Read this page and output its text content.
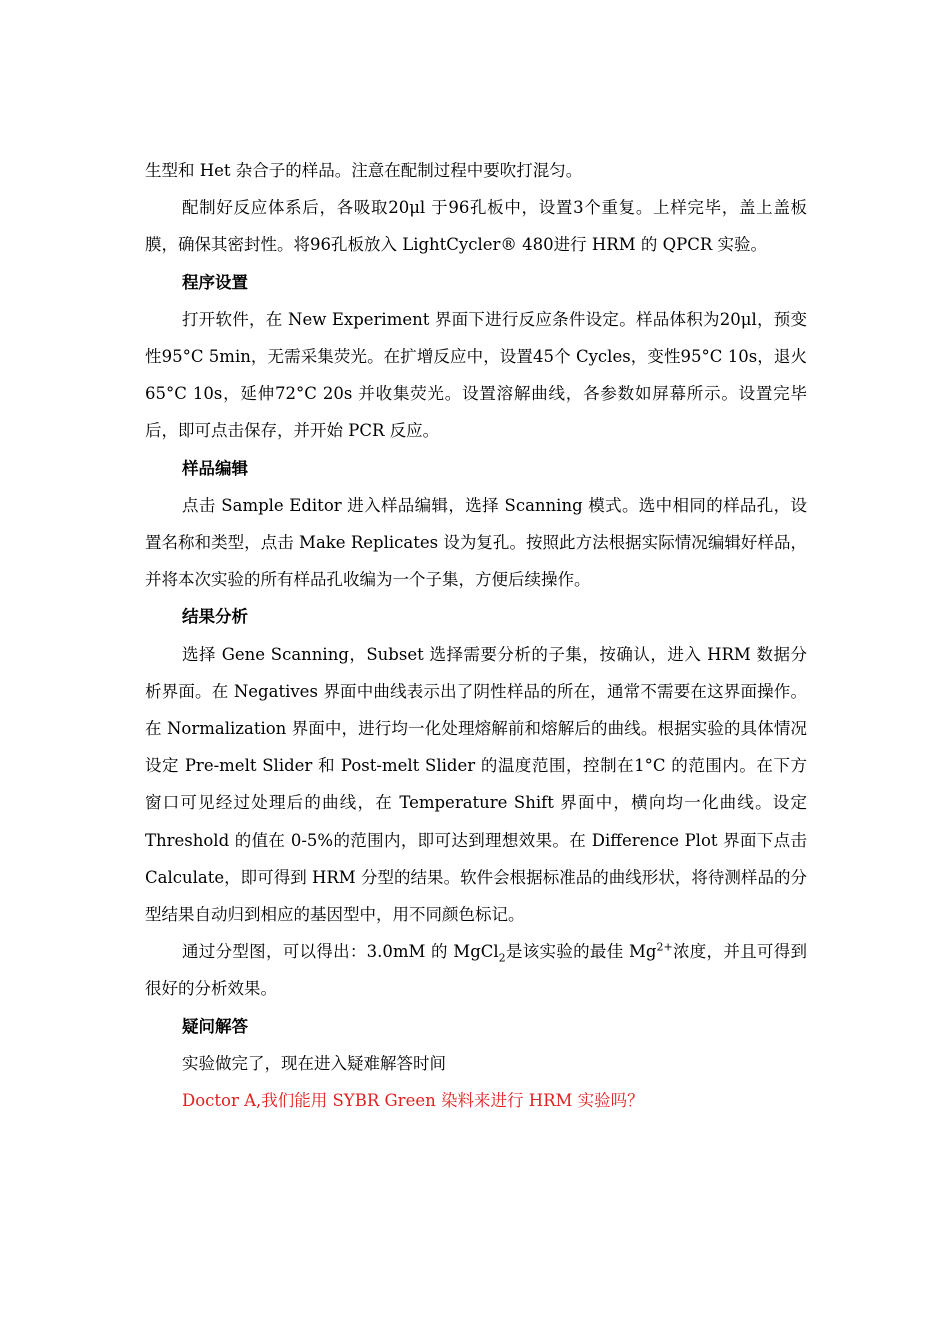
生型和 Het 杂合子的样品。注意在配制过程中要吹打混匀。

配制好反应体系后，各吸取20μl 于96孔板中，设置3个重复。上样完毕，盖上盖板膜，确保其密封性。将96孔板放入 LightCycler® 480进行 HRM 的 QPCR 实验。

程序设置

打开软件，在 New Experiment 界面下进行反应条件设定。样品体积为20μl，预变性95°C 5min，无需采集荧光。在扩增反应中，设置45个 Cycles，变性95°C 10s，退火65°C 10s，延伸72°C 20s 并收集荧光。设置溶解曲线，各参数如屏幕所示。设置完毕后，即可点击保存，并开始 PCR 反应。

样品编辑

点击 Sample Editor 进入样品编辑，选择 Scanning 模式。选中相同的样品孔，设置名称和类型，点击 Make Replicates 设为复孔。按照此方法根据实际情况编辑好样品，并将本次实验的所有样品孔收编为一个子集，方便后续操作。

结果分析

选择 Gene Scanning，Subset 选择需要分析的子集，按确认，进入 HRM 数据分析界面。在 Negatives 界面中曲线表示出了阴性样品的所在，通常不需要在这界面操作。在 Normalization 界面中，进行均一化处理熔解前和熔解后的曲线。根据实验的具体情况设定 Pre-melt Slider 和 Post-melt Slider 的温度范围，控制在1°C 的范围内。在下方窗口可见经过处理后的曲线，在 Temperature Shift 界面中，横向均一化曲线。设定 Threshold 的值在 0-5%的范围内，即可达到理想效果。在 Difference Plot 界面下点击 Calculate，即可得到 HRM 分型的结果。软件会根据标准品的曲线形状，将待测样品的分型结果自动归到相应的基因型中，用不同颜色标记。

通过分型图，可以得出：3.0mM 的 MgCl$_2$是该实验的最佳 $Mg^{2+}$浓度，并且可得到很好的分析效果。

疑问解答

实验做完了，现在进入疑难解答时间

Doctor A,我们能用 SYBR Green 染料来进行 HRM 实验吗？
